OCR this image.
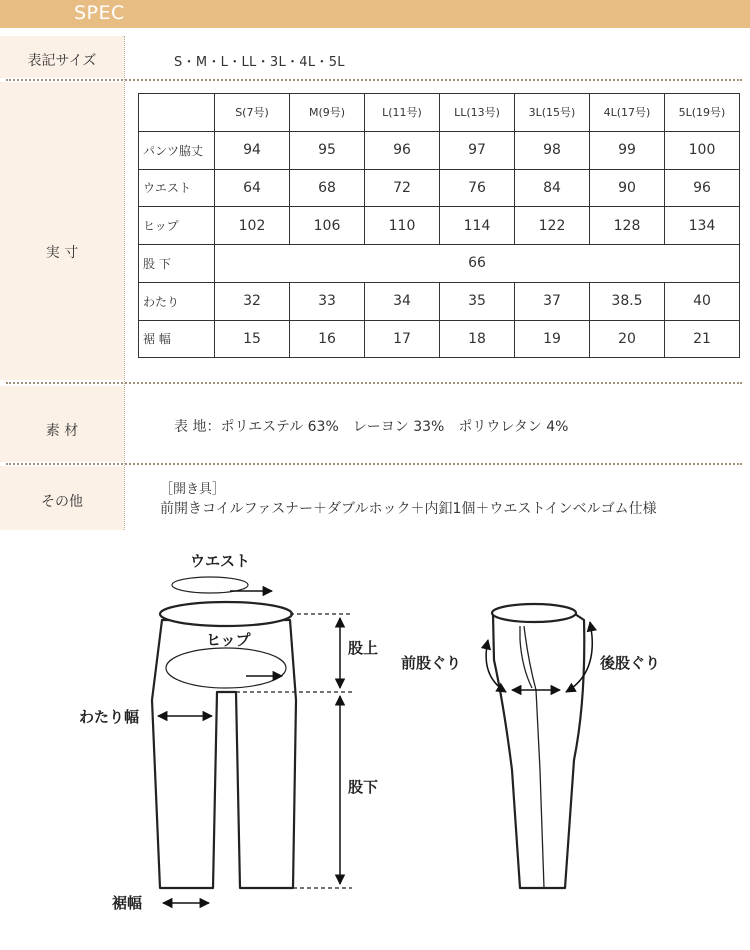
SPEC
表記サイズ
実 寸
素 材
その他
S・M・L・LL・3L・4L・5L
	S(7号)	M(9号)	L(11号)	LL(13号)	3L(15号)	4L(17号)	5L(19号)
パンツ脇丈	94	95	96	97	98	99	100
ウエスト	64	68	72	76	84	90	96
ヒップ	102	106	110	114	122	128	134
股 下	66						
わたり	32	33	34	35	37	38.5	40
裾 幅	15	16	17	18	19	20	21
表 地：ポリエステル 63%　レーヨン 33%　ポリウレタン 4%
［開き具］
前開きコイルファスナー＋ダブルホック＋内釦1個＋ウエストインベルゴム仕様
ウエスト
ヒップ	股上
わたり幅
股下
裾幅
前股ぐり	後股ぐり
